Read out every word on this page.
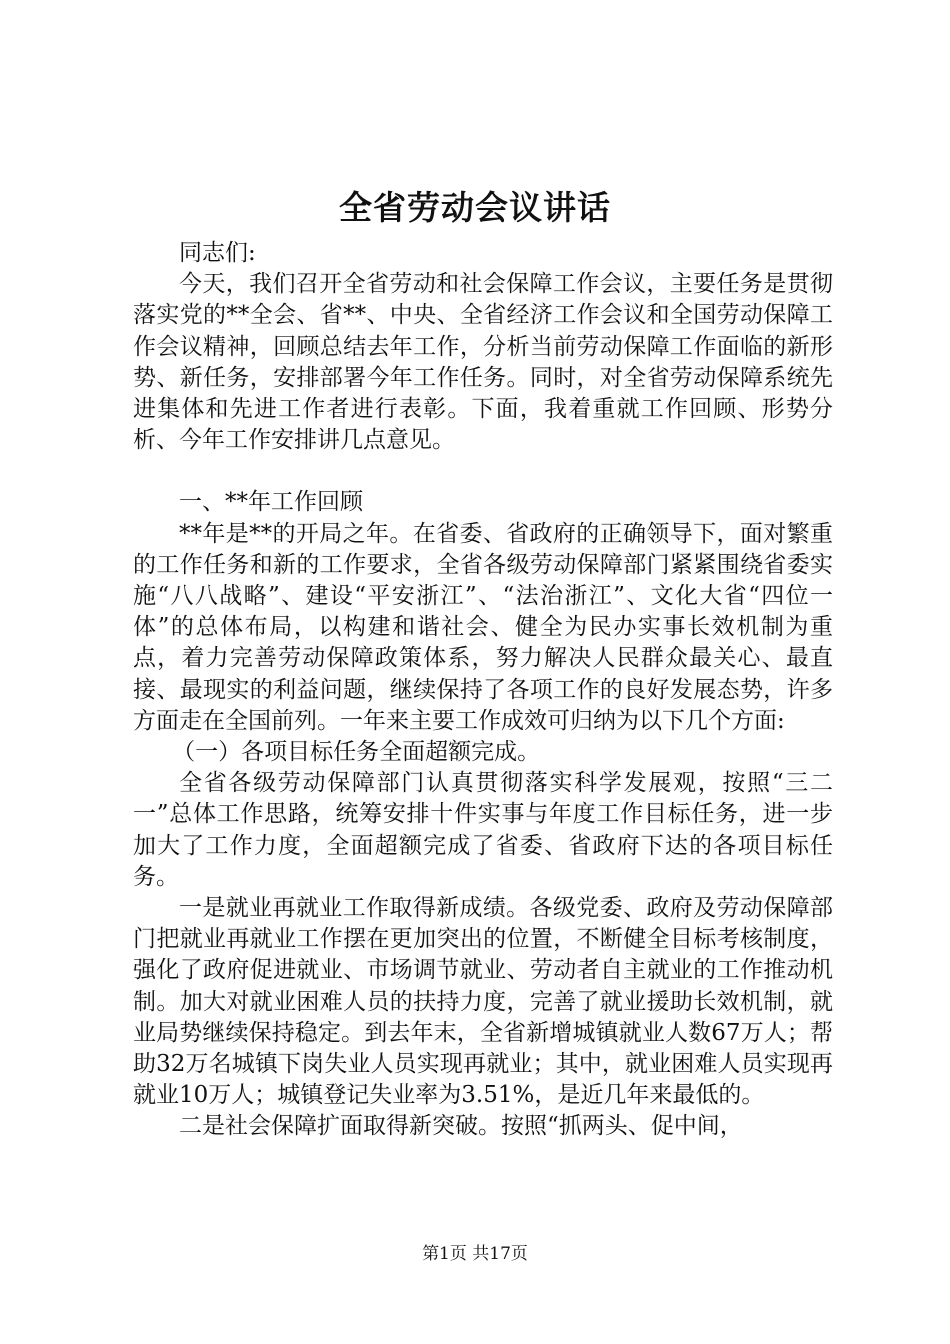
全省劳动会议讲话

同志们:

今天，我们召开全省劳动和社会保障工作会议，主要任务是贯彻落实党的**全会、省**、中央、全省经济工作会议和全国劳动保障工作会议精神，回顾总结去年工作，分析当前劳动保障工作面临的新形势、新任务，安排部署今年工作任务。同时，对全省劳动保障系统先进集体和先进工作者进行表彰。下面，我着重就工作回顾、形势分析、今年工作安排讲几点意见。

一、**年工作回顾

**年是**的开局之年。在省委、省政府的正确领导下，面对繁重的工作任务和新的工作要求，全省各级劳动保障部门紧紧围绕省委实施“八八战略”、建设“平安浙江”、“法治浙江”、文化大省“四位一体”的总体布局，以构建和谐社会、健全为民办实事长效机制为重点，着力完善劳动保障政策体系，努力解决人民群众最关心、最直接、最现实的利益问题，继续保持了各项工作的良好发展态势，许多方面走在全国前列。一年来主要工作成效可归纳为以下几个方面:

（一）各项目标任务全面超额完成。

全省各级劳动保障部门认真贯彻落实科学发展观，按照“三二一”总体工作思路，统筹安排十件实事与年度工作目标任务，进一步加大了工作力度，全面超额完成了省委、省政府下达的各项目标任务。

一是就业再就业工作取得新成绩。各级党委、政府及劳动保障部门把就业再就业工作摆在更加突出的位置，不断健全目标考核制度，强化了政府促进就业、市场调节就业、劳动者自主就业的工作推动机制。加大对就业困难人员的扶持力度，完善了就业援助长效机制，就业局势继续保持稳定。到去年末，全省新增城镇就业人数67万人；帮助32万名城镇下岗失业人员实现再就业；其中，就业困难人员实现再就业10万人；城镇登记失业率为3.51%，是近几年来最低的。

二是社会保障扩面取得新突破。按照“抓两头、促中间，

第1页 共17页
